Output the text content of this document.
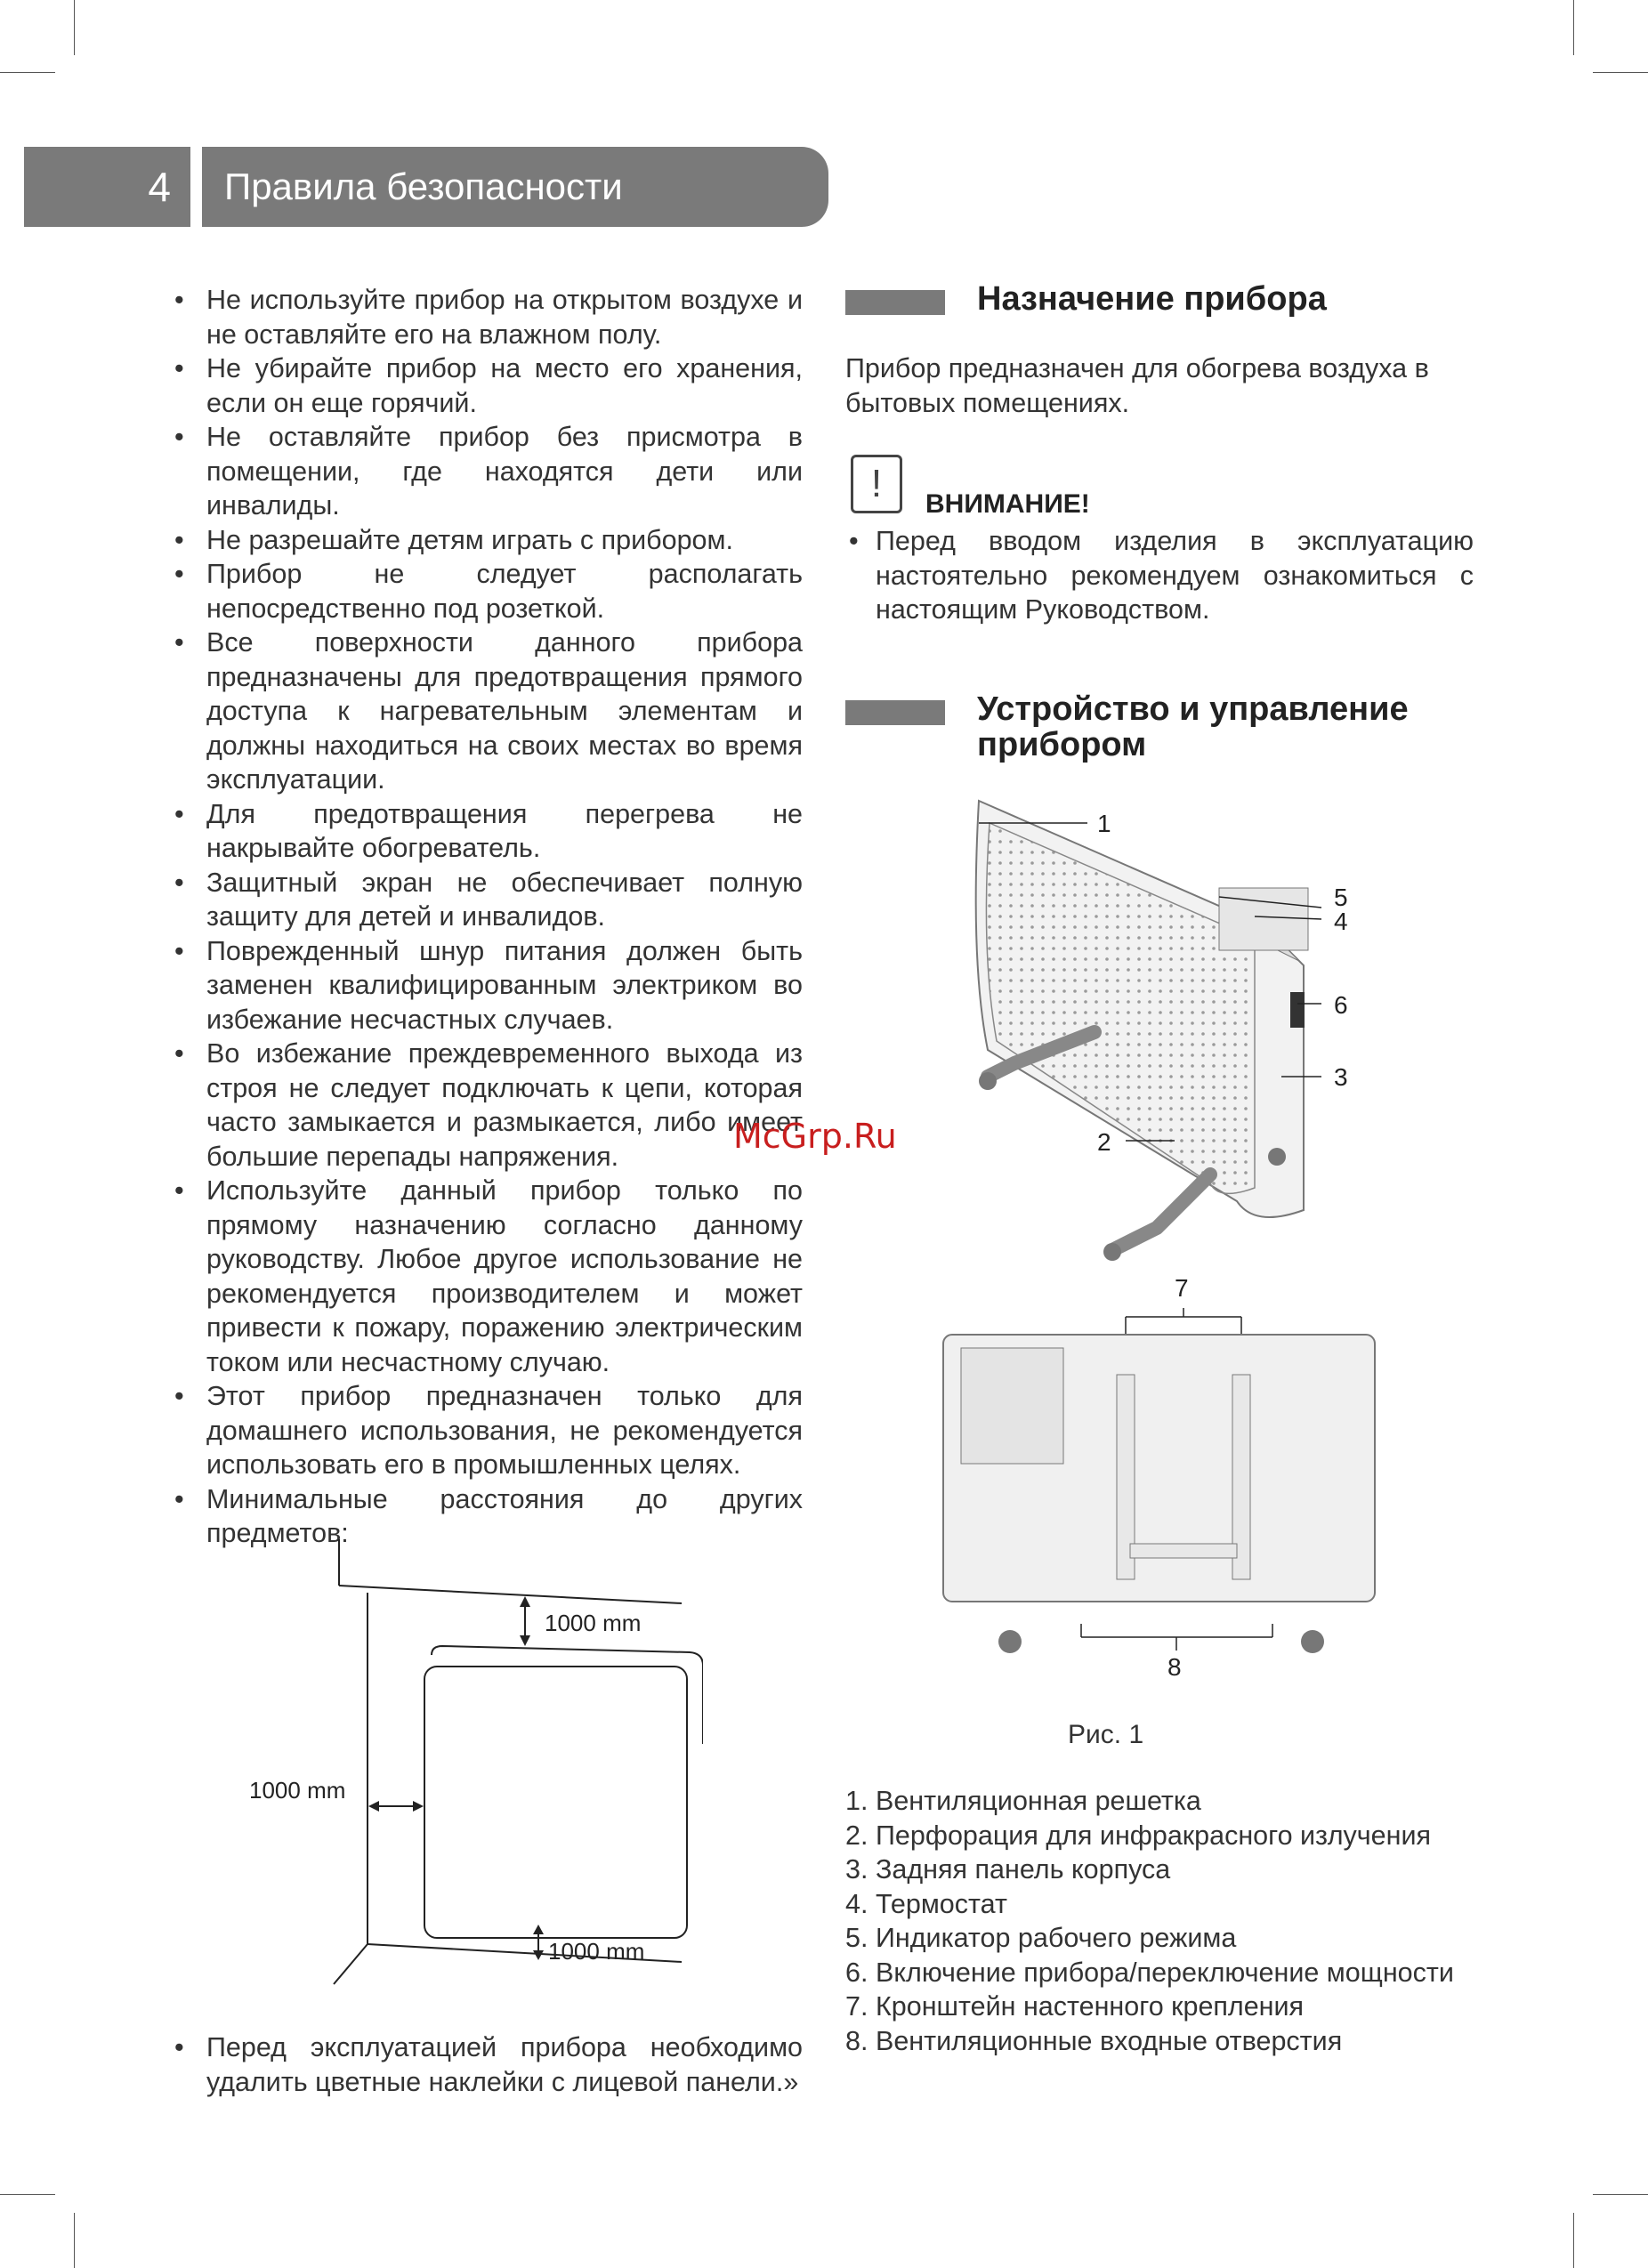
4	Правила безопасности
• Не используйте прибор на открытом воздухе и не оставляйте его на влажном полу.
• Не убирайте прибор на место его хранения, если он еще горячий.
• Не оставляйте прибор без присмотра в помещении, где находятся дети или инвалиды.
• Не разрешайте детям играть с прибором.
• Прибор не следует располагать непосредственно под розеткой.
• Все поверхности данного прибора предназначены для предотвращения прямого доступа к нагревательным элементам и должны находиться на своих местах во время эксплуатации.
• Для предотвращения перегрева не накрывайте обогреватель.
• Защитный экран не обеспечивает полную защиту для детей и инвалидов.
• Поврежденный шнур питания должен быть заменен квалифицированным электриком во избежание несчастных случаев.
• Во избежание преждевременного выхода из строя не следует подключать к цепи, которая часто замыкается и размыкается, либо имеет большие перепады напряжения.
• Используйте данный прибор только по прямому назначению согласно данному руководству. Любое другое использование не рекомендуется производителем и может привести к пожару, поражению электрическим током или несчастному случаю.
• Этот прибор предназначен только для домашнего использования, не рекомендуется использовать его в промышленных целях.
• Минимальные расстояния до других предметов:
1000 mm
1000 mm
1000 mm
• Перед эксплуатацией прибора необходимо удалить цветные наклейки с лицевой панели.»
Назначение прибора
Прибор предназначен для обогрева воздуха в бытовых помещениях.
! ВНИМАНИЕ!
• Перед вводом изделия в эксплуатацию настоятельно рекомендуем ознакомиться с настоящим Руководством.
Устройство и управление
прибором
1
2
3
4
5
6
7
8
Рис. 1
1. Вентиляционная решетка
2. Перфорация для инфракрасного излучения
3. Задняя панель корпуса
4. Термостат
5. Индикатор рабочего режима
6. Включение прибора/переключение мощности
7. Кронштейн настенного крепления
8. Вентиляционные входные отверстия
McGrp.Ru
